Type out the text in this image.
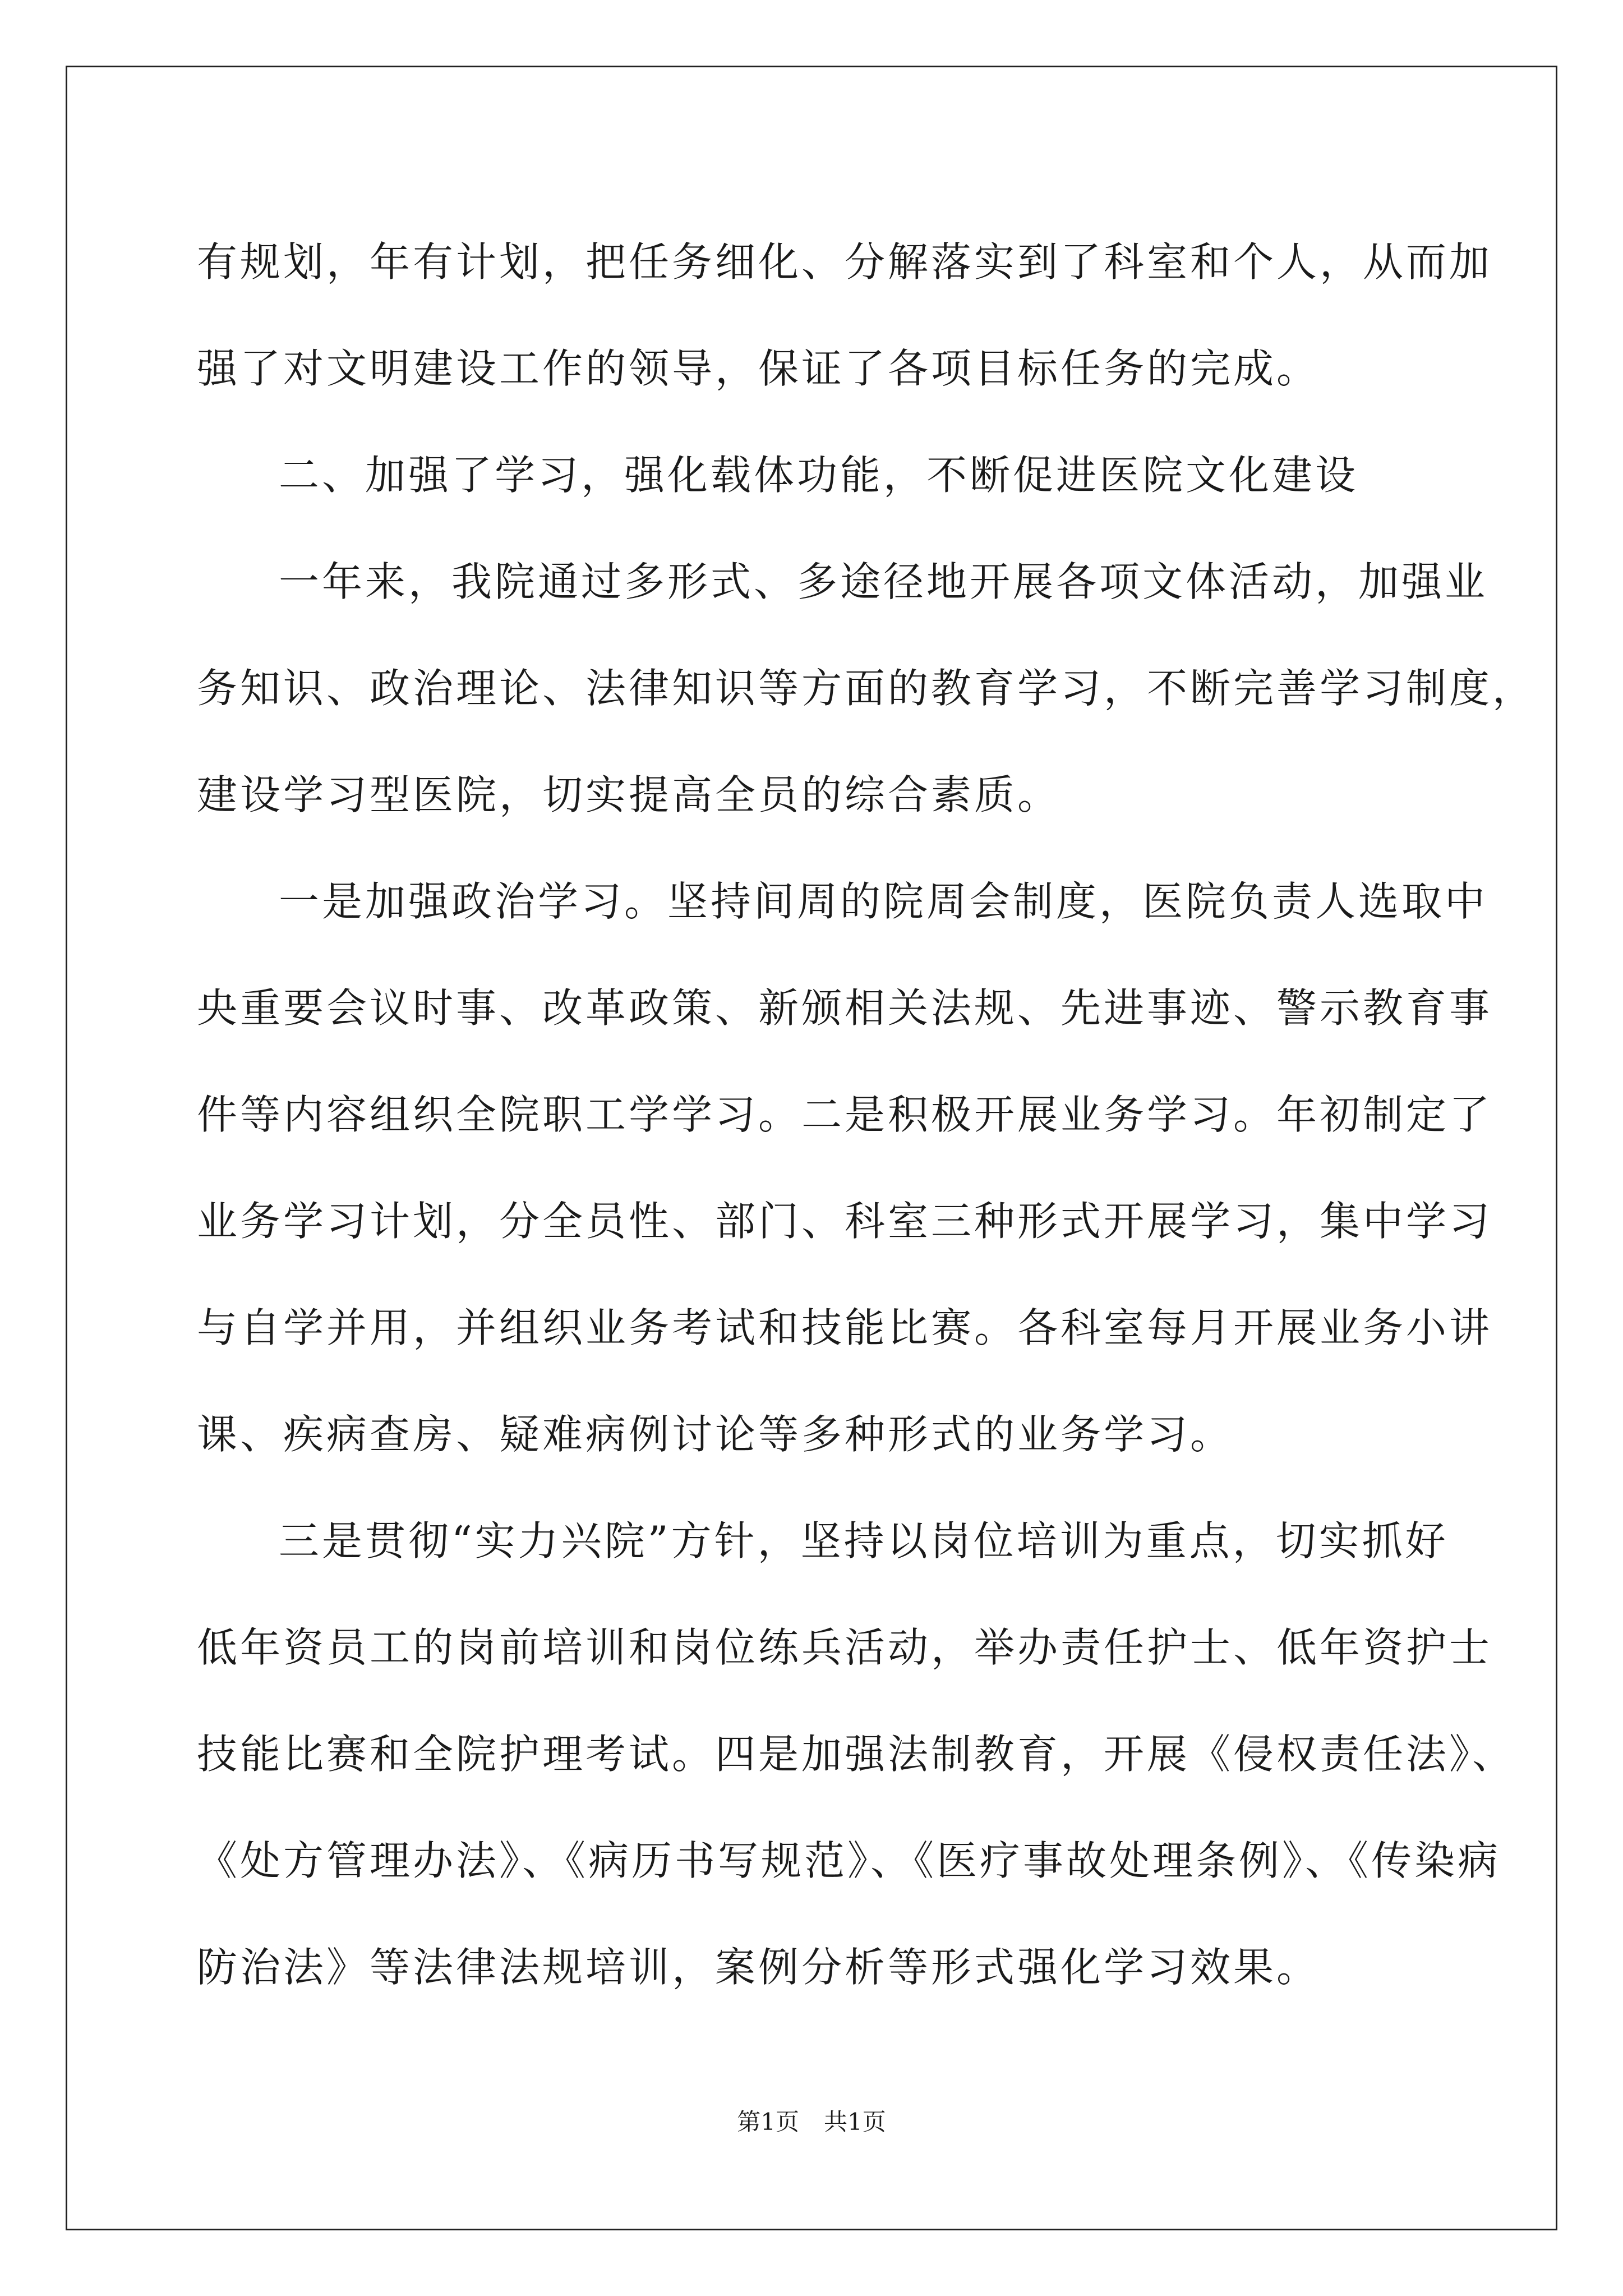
有规划，年有计划，把任务细化、分解落实到了科室和个人，从而加
强了对文明建设工作的领导，保证了各项目标任务的完成。
二、加强了学习，强化载体功能，不断促进医院文化建设
一年来，我院通过多形式、多途径地开展各项文体活动，加强业
务知识、政治理论、法律知识等方面的教育学习，不断完善学习制度，
建设学习型医院，切实提高全员的综合素质。
一是加强政治学习。坚持间周的院周会制度，医院负责人选取中
央重要会议时事、改革政策、新颁相关法规、先进事迹、警示教育事
件等内容组织全院职工学学习。二是积极开展业务学习。年初制定了
业务学习计划，分全员性、部门、科室三种形式开展学习，集中学习
与自学并用，并组织业务考试和技能比赛。各科室每月开展业务小讲
课、疾病查房、疑难病例讨论等多种形式的业务学习。
三是贯彻“实力兴院”方针，坚持以岗位培训为重点，切实抓好
低年资员工的岗前培训和岗位练兵活动，举办责任护士、低年资护士
技能比赛和全院护理考试。四是加强法制教育，开展《侵权责任法》、
《处方管理办法》、《病历书写规范》、《医疗事故处理条例》、《传染病
防治法》等法律法规培训，案例分析等形式强化学习效果。
第1页 共1页
